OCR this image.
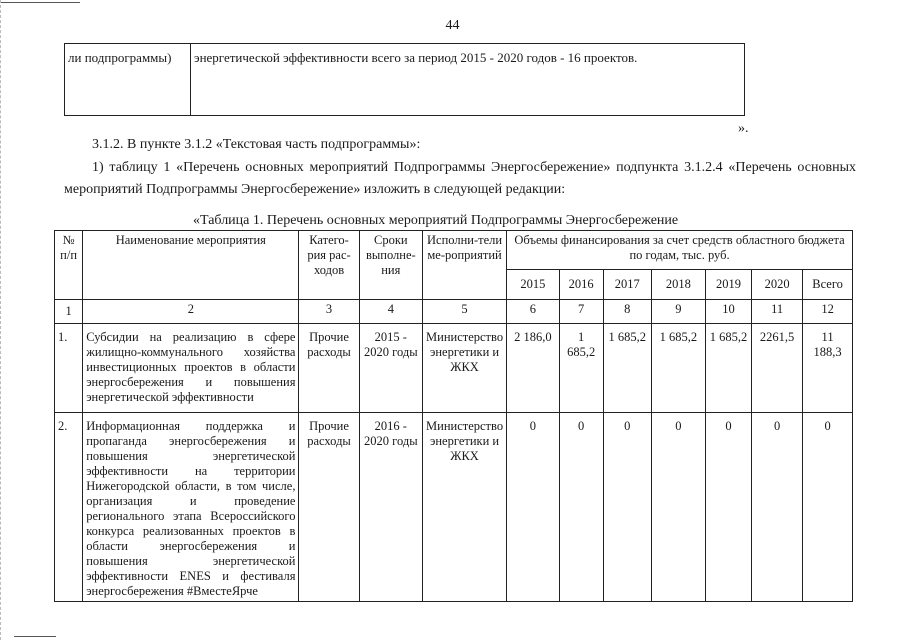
44
ли подпрограммы)	энергетической эффективности всего за период 2015 - 2020 годов - 16 проектов.
».
3.1.2. В пункте 3.1.2 «Текстовая часть подпрограммы»:
1) таблицу 1 «Перечень основных мероприятий Подпрограммы Энергосбережение» подпункта 3.1.2.4 «Перечень основных мероприятий Подпрограммы Энергосбережение» изложить в следующей редакции:
«Таблица 1. Перечень основных мероприятий Подпрограммы Энергосбережение
№ п/п	Наименование мероприятия	Катего-рия рас-ходов	Сроки выполне-ния	Исполни-тели ме-роприятий	Объемы финансирования за счет средств областного бюджета по годам, тыс. руб.						
					2015	2016	2017	2018	2019	2020	Всего
1	2	3	4	5	6	7	8	9	10	11	12
1.	Субсидии на реализацию в сфере жилищно-коммунального хозяйства инвестиционных проектов в области энергосбережения и повышения энергетической эффективности	Прочие расходы	2015 - 2020 годы	Министерство энергетики и ЖКХ	2 186,0	1 685,2	1 685,2	1 685,2	1 685,2	2261,5	11 188,3
2.	Информационная поддержка и пропаганда энергосбережения и повышения энергетической эффективности на территории Нижегородской области, в том числе, организация и проведение регионального этапа Всероссийского конкурса реализованных проектов в области энергосбережения и повышения энергетической эффективности ENES и фестиваля энергосбережения #ВместеЯрче	Прочие расходы	2016 - 2020 годы	Министерство энергетики и ЖКХ	0	0	0	0	0	0	0
